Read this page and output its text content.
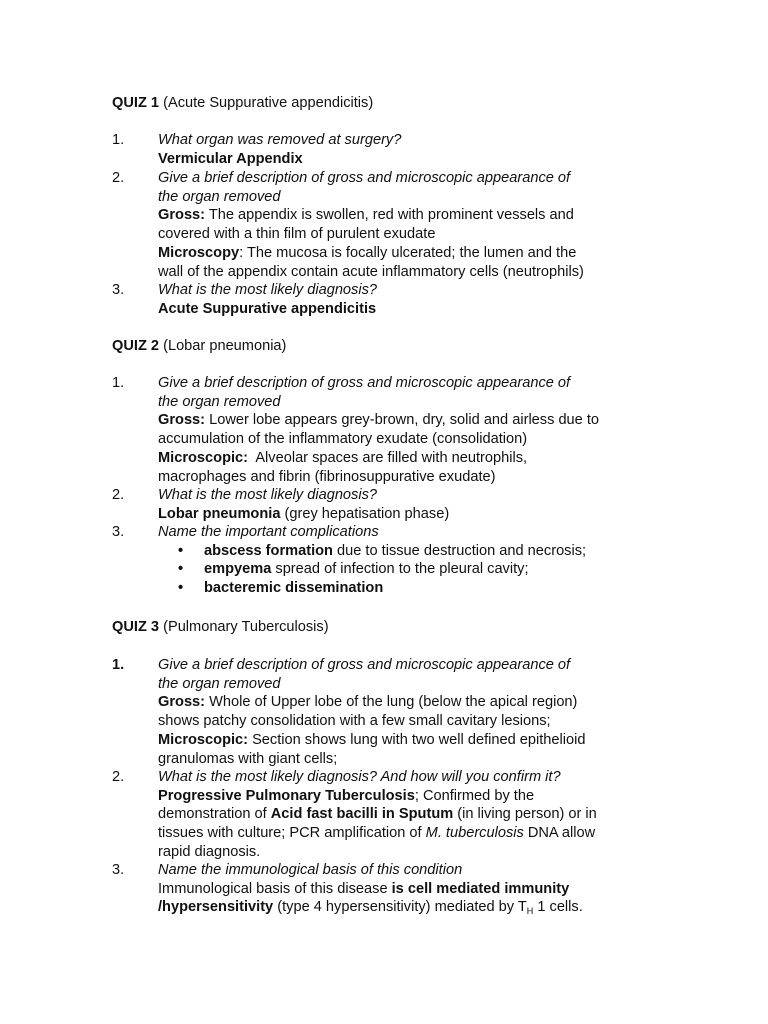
QUIZ 1 (Acute Suppurative appendicitis)
1. What organ was removed at surgery?
Vermicular Appendix
2. Give a brief description of gross and microscopic appearance of
the organ removed
Gross: The appendix is swollen, red with prominent vessels and
covered with a thin film of purulent exudate
Microscopy: The mucosa is focally ulcerated; the lumen and the
wall of the appendix contain acute inflammatory cells (neutrophils)
3. What is the most likely diagnosis?
Acute Suppurative appendicitis
QUIZ 2 (Lobar pneumonia)
1. Give a brief description of gross and microscopic appearance of
the organ removed
Gross: Lower lobe appears grey-brown, dry, solid and airless due to
accumulation of the inflammatory exudate (consolidation)
Microscopic:  Alveolar spaces are filled with neutrophils,
macrophages and fibrin (fibrinosuppurative exudate)
2. What is the most likely diagnosis?
Lobar pneumonia (grey hepatisation phase)
3. Name the important complications
• abscess formation due to tissue destruction and necrosis;
• empyema spread of infection to the pleural cavity;
• bacteremic dissemination
QUIZ 3 (Pulmonary Tuberculosis)
1. Give a brief description of gross and microscopic appearance of
the organ removed
Gross: Whole of Upper lobe of the lung (below the apical region)
shows patchy consolidation with a few small cavitary lesions;
Microscopic: Section shows lung with two well defined epithelioid
granulomas with giant cells;
2. What is the most likely diagnosis? And how will you confirm it?
Progressive Pulmonary Tuberculosis; Confirmed by the
demonstration of Acid fast bacilli in Sputum (in living person) or in
tissues with culture; PCR amplification of M. tuberculosis DNA allow
rapid diagnosis.
3. Name the immunological basis of this condition
Immunological basis of this disease is cell mediated immunity
/hypersensitivity (type 4 hypersensitivity) mediated by $T_H$ 1 cells.
